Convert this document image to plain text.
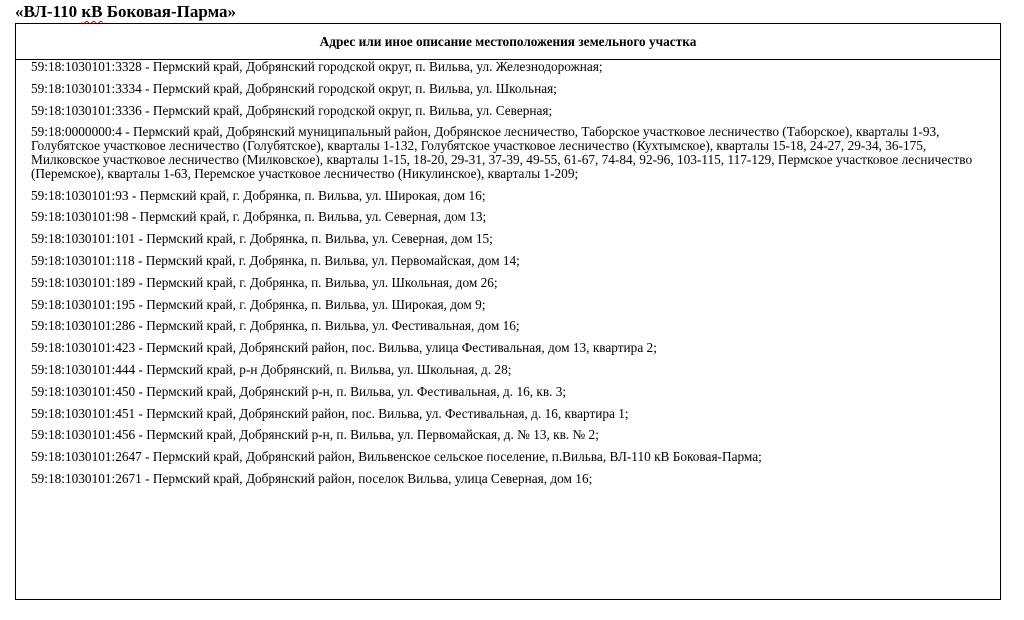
«ВЛ-110 кВ Боковая-Парма»
Адрес или иное описание местоположения земельного участка
59:18:1030101:3328 - Пермский край, Добрянский городской округ, п. Вильва, ул. Железнодорожная;
59:18:1030101:3334 - Пермский край, Добрянский городской округ, п. Вильва, ул. Школьная;
59:18:1030101:3336 - Пермский край, Добрянский городской округ, п. Вильва, ул. Северная;
59:18:0000000:4 - Пермский край, Добрянский муниципальный район, Добрянское лесничество, Таборское участковое лесничество (Таборское), кварталы 1-93, Голубятское участковое лесничество (Голубятское), кварталы 1-132, Голубятское участковое лесничество (Кухтымское), кварталы 15-18, 24-27, 29-34, 36-175, Милковское участковое лесничество (Милковское), кварталы 1-15, 18-20, 29-31, 37-39, 49-55, 61-67, 74-84, 92-96, 103-115, 117-129, Пермское участковое лесничество (Перемское), кварталы 1-63, Перемское участковое лесничество (Никулинское), кварталы 1-209;
59:18:1030101:93 - Пермский край, г. Добрянка, п. Вильва, ул. Широкая, дом 16;
59:18:1030101:98 - Пермский край, г. Добрянка, п. Вильва, ул. Северная, дом 13;
59:18:1030101:101 - Пермский край, г. Добрянка, п. Вильва, ул. Северная, дом 15;
59:18:1030101:118 - Пермский край, г. Добрянка, п. Вильва, ул. Первомайская, дом 14;
59:18:1030101:189 - Пермский край, г. Добрянка, п. Вильва, ул. Школьная, дом 26;
59:18:1030101:195 - Пермский край, г. Добрянка, п. Вильва, ул. Широкая, дом 9;
59:18:1030101:286 - Пермский край, г. Добрянка, п. Вильва, ул. Фестивальная, дом 16;
59:18:1030101:423 - Пермский край, Добрянский район, пос. Вильва, улица Фестивальная, дом 13, квартира 2;
59:18:1030101:444 - Пермский край, р-н Добрянский, п. Вильва, ул. Школьная, д. 28;
59:18:1030101:450 - Пермский край, Добрянский р-н, п. Вильва, ул. Фестивальная, д. 16, кв. 3;
59:18:1030101:451 - Пермский край, Добрянский район, пос. Вильва, ул. Фестивальная, д. 16, квартира 1;
59:18:1030101:456 - Пермский край, Добрянский р-н, п. Вильва, ул. Первомайская, д. № 13, кв. № 2;
59:18:1030101:2647 - Пермский край, Добрянский район, Вильвенское сельское поселение, п.Вильва, ВЛ-110 кВ Боковая-Парма;
59:18:1030101:2671 - Пермский край, Добрянский район, поселок Вильва, улица Северная, дом 16;
